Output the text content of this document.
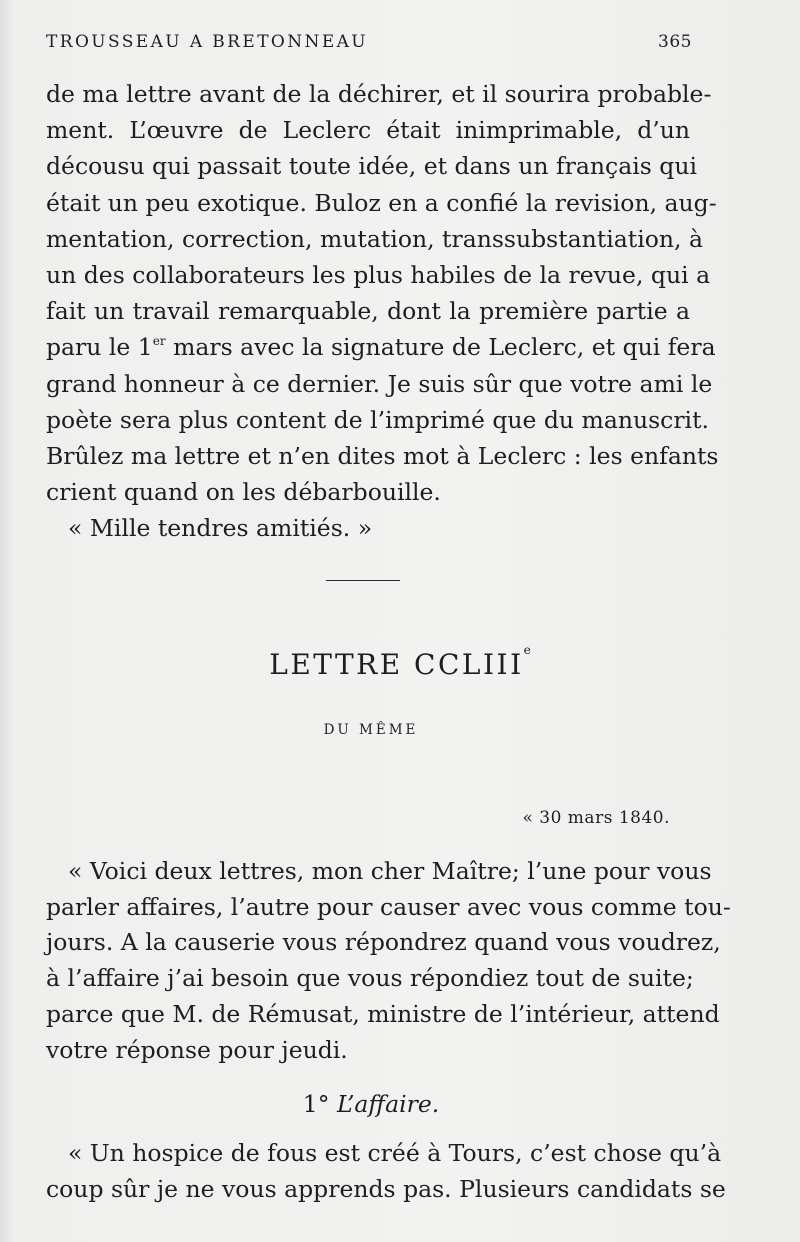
TROUSSEAU A BRETONNEAU	365
de ma lettre avant de la déchirer, et il sourira probable-
ment. L’œuvre de Leclerc était inimprimable, d’un
décousu qui passait toute idée, et dans un français qui
était un peu exotique. Buloz en a confié la revision, aug-
mentation, correction, mutation, transsubstantiation, à
un des collaborateurs les plus habiles de la revue, qui a
fait un travail remarquable, dont la première partie a
paru le 1er mars avec la signature de Leclerc, et qui fera
grand honneur à ce dernier. Je suis sûr que votre ami le
poète sera plus content de l’imprimé que du manuscrit.
Brûlez ma lettre et n’en dites mot à Leclerc : les enfants
crient quand on les débarbouille.
« Mille tendres amitiés. »
LETTRE CCLIIIe
DU MÊME
« 30 mars 1840.
« Voici deux lettres, mon cher Maître; l’une pour vous
parler affaires, l’autre pour causer avec vous comme tou-
jours. A la causerie vous répondrez quand vous voudrez,
à l’affaire j’ai besoin que vous répondiez tout de suite;
parce que M. de Rémusat, ministre de l’intérieur, attend
votre réponse pour jeudi.
1° L’affaire.
« Un hospice de fous est créé à Tours, c’est chose qu’à
coup sûr je ne vous apprends pas. Plusieurs candidats se
